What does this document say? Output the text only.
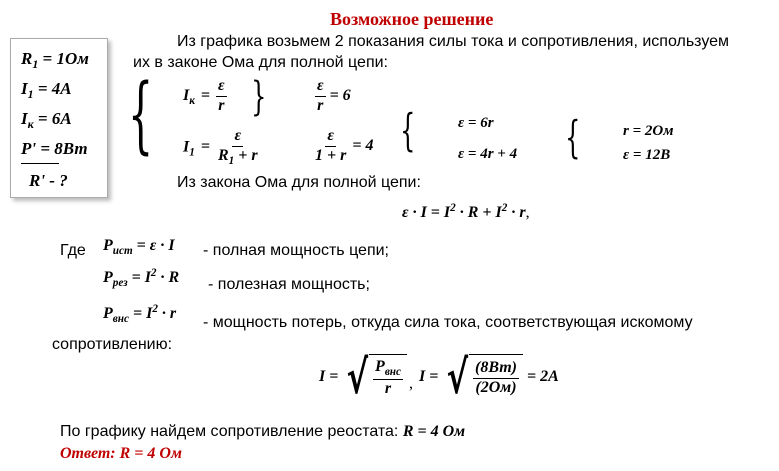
Возможное решение
$R_1 = 1Ом$
$I_1 = 4A$
$I_к = 6A$
P' = 8Вт
R' - ?
Из графика возьмем 2 показания силы тока и сопротивления, используем
их в законе Ома для полной цепи:
{ $I_к = \frac{\varepsilon}{r}$ {
$I_1 = \frac{\varepsilon}{R_1 + r}$
$\frac{\varepsilon}{r} = 6$
$\frac{\varepsilon}{1 + r} = 4$ {	ε = 6r
ε = 4r + 4 {	r = 2Ом
ε = 12B
Из закона Ома для полной цепи:
$\varepsilon \cdot I = I^2 \cdot R + I^2 \cdot r$,
Где $P_{ист} = \varepsilon \cdot I$ - полная мощность цепи;
$P_{рез} = I^2 \cdot R$ - полезная мощность;
$P_{внс} = I^2 \cdot r$
- мощность потерь, откуда сила тока, соответствующая искомому
сопротивлению:
I = √ $\frac{P_{внс}}{r}$ , I = √ $\frac{(8Вт)}{(2Ом)} = 2A$
По графику найдем сопротивление реостата: R = 4 Ом
Ответ: R = 4 Ом
